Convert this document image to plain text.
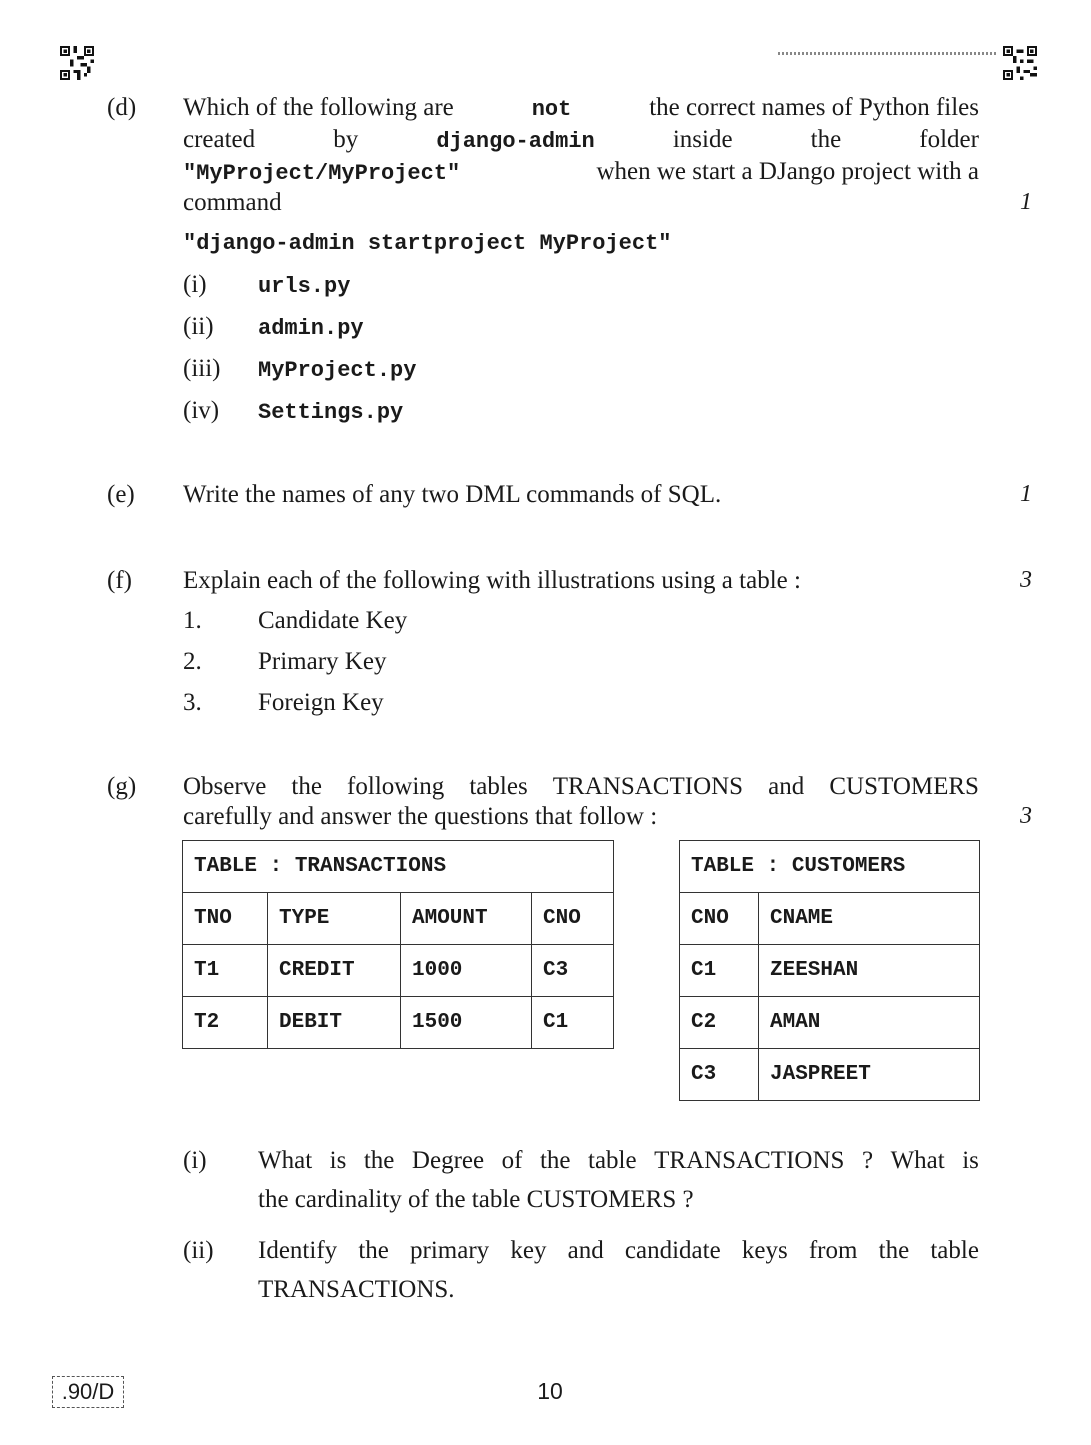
(d) Which of the following are	not	the correct names of Python files
created	by	django-admin	inside	the	folder
"MyProject/MyProject"	when we start a DJango project with a
command	1
"django-admin startproject MyProject"
(i) urls.py
(ii) admin.py
(iii) MyProject.py
(iv) Settings.py
(e) Write the names of any two DML commands of SQL.	1
(f) Explain each of the following with illustrations using a table :	3
1. Candidate Key
2. Primary Key
3. Foreign Key
(g) Observe the following tables TRANSACTIONS and CUSTOMERS
carefully and answer the questions that follow :	3
TABLE : TRANSACTIONS			
TNO	TYPE	AMOUNT	CNO
T1	CREDIT	1000	C3
T2	DEBIT	1500	C1
TABLE : CUSTOMERS	
CNO	CNAME
C1	ZEESHAN
C2	AMAN
C3	JASPREET
(i) What is the Degree of the table TRANSACTIONS ? What is
the cardinality of the table CUSTOMERS ?
(ii) Identify the primary key and candidate keys from the table
TRANSACTIONS.
.90/D	10
